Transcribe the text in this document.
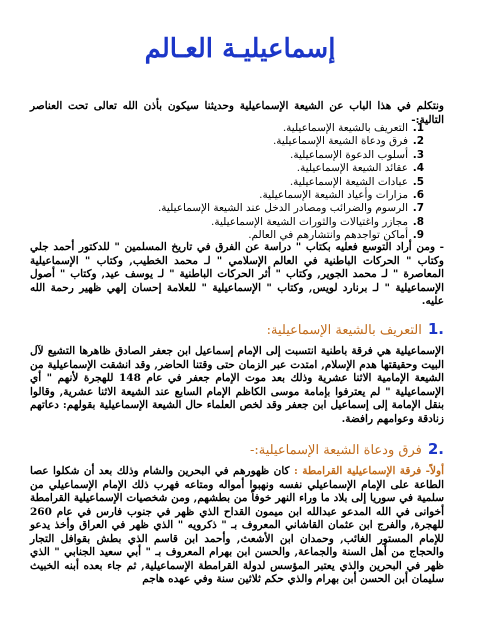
إسماعيليـة العـالم
ونتكلم في هذا الباب عن الشيعة الإسماعيلية وحديثنا سيكون بأذن الله تعالى تحت العناصر التالية:-
1.
التعريف بالشيعة الإسماعيلية.
2.
فرق ودعاة الشيعة الإسماعيلية.
3.
أسلوب الدعوة الإسماعيلية.
4.
عقائد الشيعة الإسماعيلية.
5.
عبادات الشيعة الإسماعيلية.
6.
مزارات وأعياد الشيعة الإسماعيلية.
7.
الرسوم والضرائب ومصادر الدخل عند الشيعة الإسماعيلية.
8.
مجازر واغتيالات والثورات الشيعة الإسماعيلية.
9.
أماكن تواجدهم وانتشارهم في العالم.
- ومن أراد التوسع فعليه بكتاب " دراسة عن الفرق في تاريخ المسلمين " للدكتور أحمد جلي وكتاب " الحركات الباطنية في العالم الإسلامي " لـ محمد الخطيب, وكتاب " الإسماعيلية المعاصرة " لـ محمد الجوير, وكتاب " أثر الحركات الباطنية " لـ يوسف عيد, وكتاب " أصول الإسماعيلية " لـ برنارد لويس, وكتاب " الإسماعيلية " للعلامة إحسان إلهي ظهير رحمة الله عليه.
.1التعريف بالشيعة الإسماعيلية:
الإسماعيلية هي فرقة باطنية انتسبت إلى الإمام إسماعيل ابن جعفر الصادق ظاهرها التشيع لآل البيت وحقيقتها هدم الإسلام, امتدت عبر الزمان حتى وقتنا الحاضر, وقد انشقت الإسماعيلية من الشيعة الإمامية الاثنا عشرية وذلك بعد موت الإمام جعفر في عام 148 للهجرة لأنهم " أي الإسماعيلية " لم يعترفوا بإمامة موسى الكاظم الإمام السابع عند الشيعة الاثنا عشرية, وقالوا بنقل الإمامة إلى إسماعيل ابن جعفر وقد لخص العلماء حال الشيعة الإسماعيلية بقولهم: دعاتهم زنادقة وعوامهم رافضة.
.2فرق ودعاة الشيعة الإسماعيلية:-
أولاً- فرقة الإسماعيلية القرامطة : كان ظهورهم في البحرين والشام وذلك بعد أن شكلوا عصا الطاعة على الإمام الإسماعيلي نفسه ونهبوا أمواله ومتاعه فهرب ذلك الإمام الإسماعيلي من سلمية في سوريا إلى بلاد ما وراء النهر خوفاً من بطشهم, ومن شخصيات الإسماعيلية القرامطة أخوانى في الله المدعو عبدالله ابن ميمون القداح الذي ظهر في جنوب فارس في عام 260 للهجرة, والفرج ابن عثمان القاشاني المعروف بـ " ذكرويه " الذي ظهر في العراق وأخذ يدعو للإمام المستور الغائب, وحمدان ابن الأشعث, وأحمد ابن قاسم الذي بطش بقوافل التجار والحجاج من أهل السنة والجماعة, والحسن ابن بهرام المعروف بـ " أبي سعيد الجنابي " الذي ظهر في البحرين والذي يعتبر المؤسس لدولة القرامطة الإسماعيلية, ثم جاء بعده أبنه الخبيث سليمان أبن الحسن أبن بهرام والذي حكم ثلاثين سنة وفي عهده هاجم
